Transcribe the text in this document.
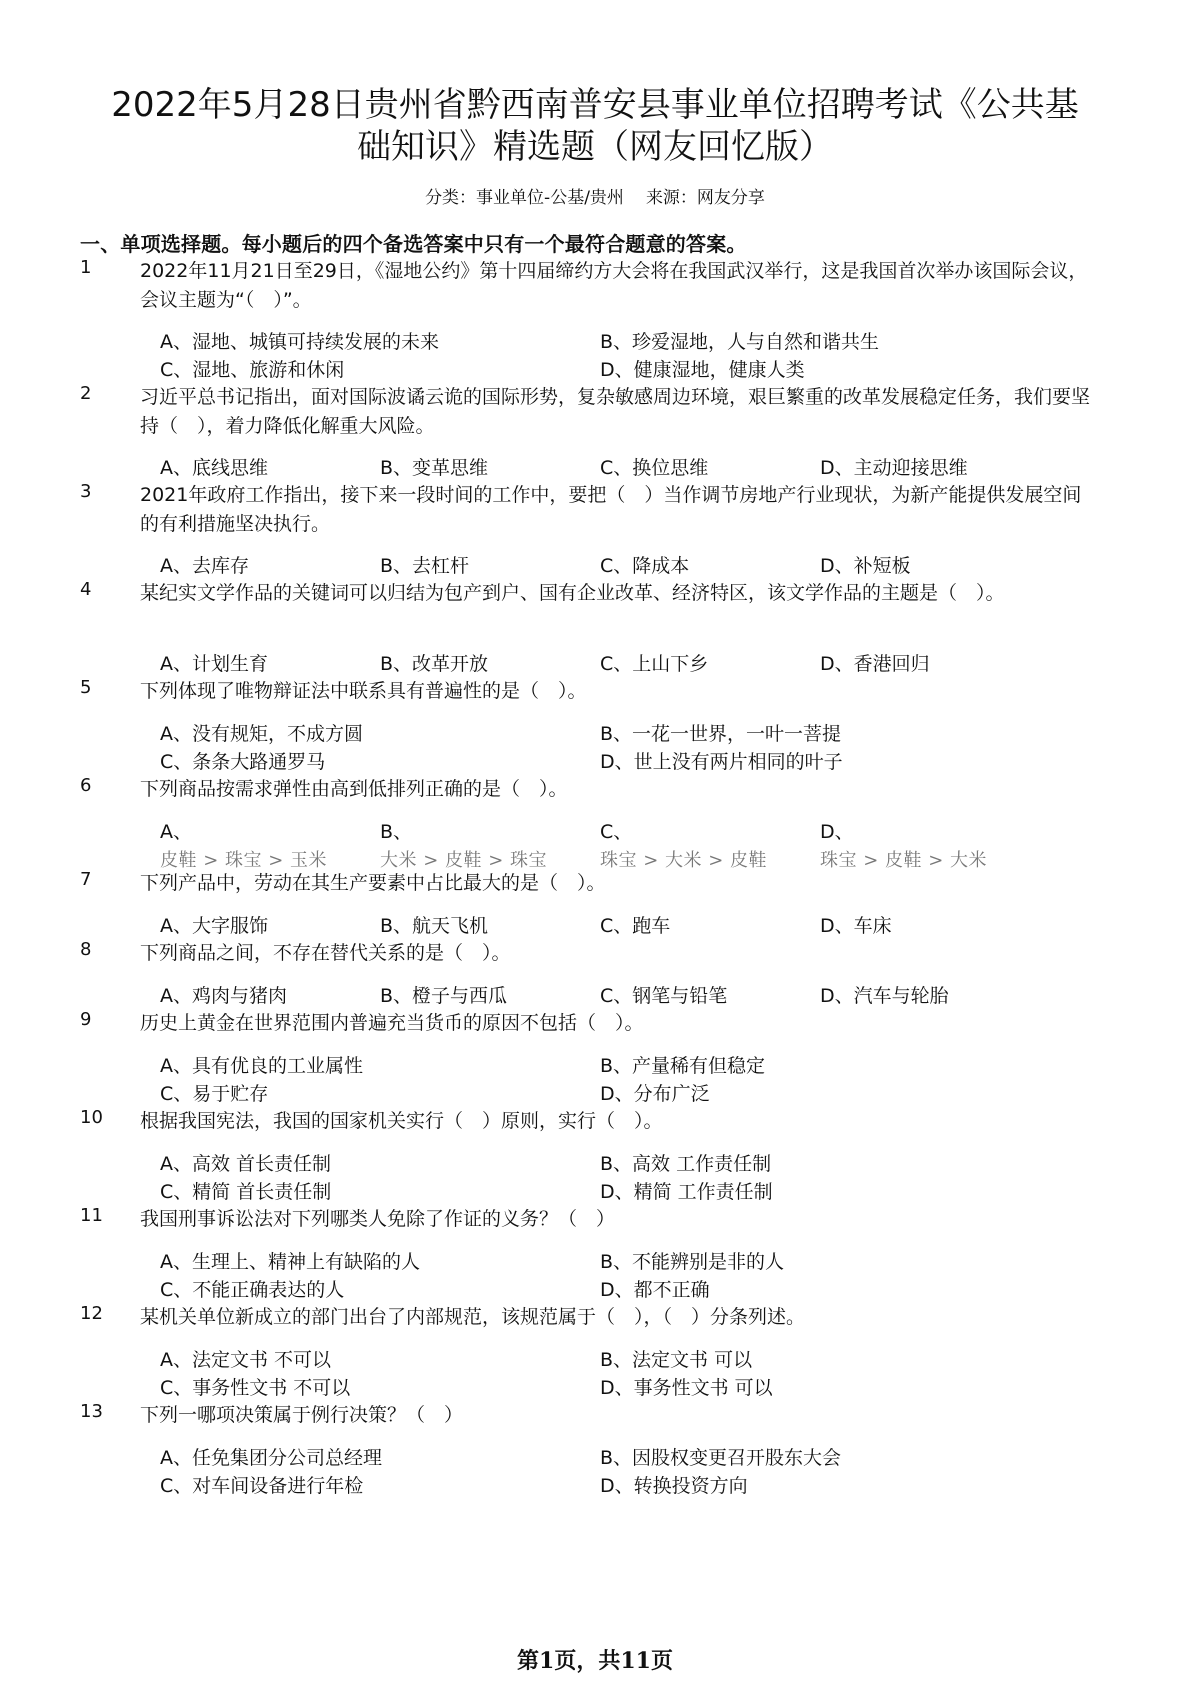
2022年5月28日贵州省黔西南普安县事业单位招聘考试《公共基
础知识》精选题（网友回忆版）
分类：事业单位-公基/贵州 来源：网友分享
一、单项选择题。每小题后的四个备选答案中只有一个最符合题意的答案。
1	2022年11月21日至29日，《湿地公约》第十四届缔约方大会将在我国武汉举行，这是我国首次举办该国际会议，会议主题为“（　）”。

A、湿地、城镇可持续发展的未来	B、珍爱湿地，人与自然和谐共生
C、湿地、旅游和休闲	D、健康湿地，健康人类
2	习近平总书记指出，面对国际波谲云诡的国际形势，复杂敏感周边环境，艰巨繁重的改革发展稳定任务，我们要坚持（　），着力降低化解重大风险。

A、底线思维	B、变革思维	C、换位思维	D、主动迎接思维
3	2021年政府工作指出，接下来一段时间的工作中，要把（　）当作调节房地产行业现状，为新产能提供发展空间的有利措施坚决执行。

A、去库存	B、去杠杆	C、降成本	D、补短板
4	某纪实文学作品的关键词可以归结为包产到户、国有企业改革、经济特区，该文学作品的主题是（　）。

A、计划生育	B、改革开放	C、上山下乡	D、香港回归
5	下列体现了唯物辩证法中联系具有普遍性的是（　）。

A、没有规矩，不成方圆	B、一花一世界，一叶一菩提
C、条条大路通罗马	D、世上没有两片相同的叶子
6	下列商品按需求弹性由高到低排列正确的是（　）。

A、
皮鞋 > 珠宝 > 玉米
B、
大米 > 皮鞋 > 珠宝
C、
珠宝 > 大米 > 皮鞋
D、
珠宝 > 皮鞋 > 大米
7	下列产品中，劳动在其生产要素中占比最大的是（　）。

A、大字服饰	B、航天飞机	C、跑车	D、车床
8	下列商品之间，不存在替代关系的是（　）。

A、鸡肉与猪肉	B、橙子与西瓜	C、钢笔与铅笔	D、汽车与轮胎
9	历史上黄金在世界范围内普遍充当货币的原因不包括（　）。

A、具有优良的工业属性	B、产量稀有但稳定
C、易于贮存	D、分布广泛
10	根据我国宪法，我国的国家机关实行（　）原则，实行（　）。

A、高效 首长责任制	B、高效 工作责任制
C、精简 首长责任制	D、精简 工作责任制
11	我国刑事诉讼法对下列哪类人免除了作证的义务？（　）

A、生理上、精神上有缺陷的人	B、不能辨别是非的人
C、不能正确表达的人	D、都不正确
12	某机关单位新成立的部门出台了内部规范，该规范属于（　），（　）分条列述。

A、法定文书 不可以	B、法定文书 可以
C、事务性文书 不可以	D、事务性文书 可以
13	下列一哪项决策属于例行决策？（　）

A、任免集团分公司总经理	B、因股权变更召开股东大会
C、对车间设备进行年检	D、转换投资方向
第1页，共11页
